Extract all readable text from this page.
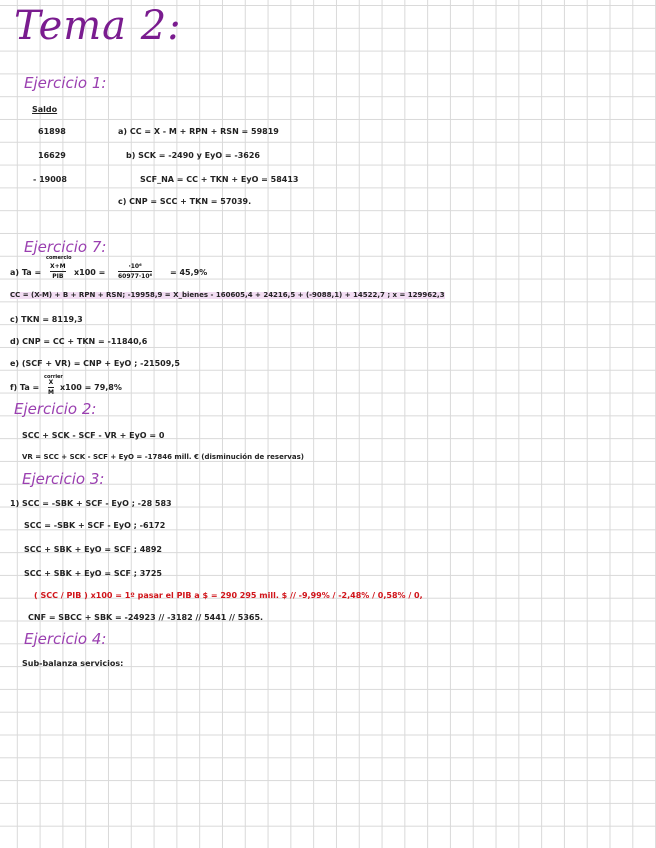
Tema 2:
Ejercicio 1:
Saldo
61898
16629
- 19008
a) CC = X - M + RPN + RSN = 59819
b) SCK = -2490 y EyO = -3626
SCF_NA = CC + TKN + EyO = 58413
c) CNP = SCC + TKN = 57039.
Ejercicio 7:
comercio
a) Ta =
X+M
PIB x100 =
·10⁶
60977·10⁶ = 45,9%
CC = (X-M) + B + RPN + RSN; -19958,9 = X_bienes - 160605,4 + 24216,5 + (-9088,1) + 14522,7 ; x = 129962,3
c) TKN = 8119,3
d) CNP = CC + TKN = -11840,6
e) (SCF + VR) = CNP + EyO ; -21509,5
corrier
f) Ta =
X
M
x100 = 79,8%
Ejercicio 2:
SCC + SCK - SCF - VR + EyO = 0
VR = SCC + SCK - SCF + EyO = -17846 mill. € (disminución de reservas)
Ejercicio 3:
1) SCC = -SBK + SCF - EyO ; -28 583
SCC = -SBK + SCF - EyO ; -6172
SCC + SBK + EyO = SCF ; 4892
SCC + SBK + EyO = SCF ; 3725
( SCC / PIB ) x100 = 1º pasar el PIB a $ = 290 295 mill. $ // -9,99% / -2,48% / 0,58% / 0,
CNF = SBCC + SBK = -24923 // -3182 // 5441 // 5365.
Ejercicio 4:
Sub-balanza servicios:
